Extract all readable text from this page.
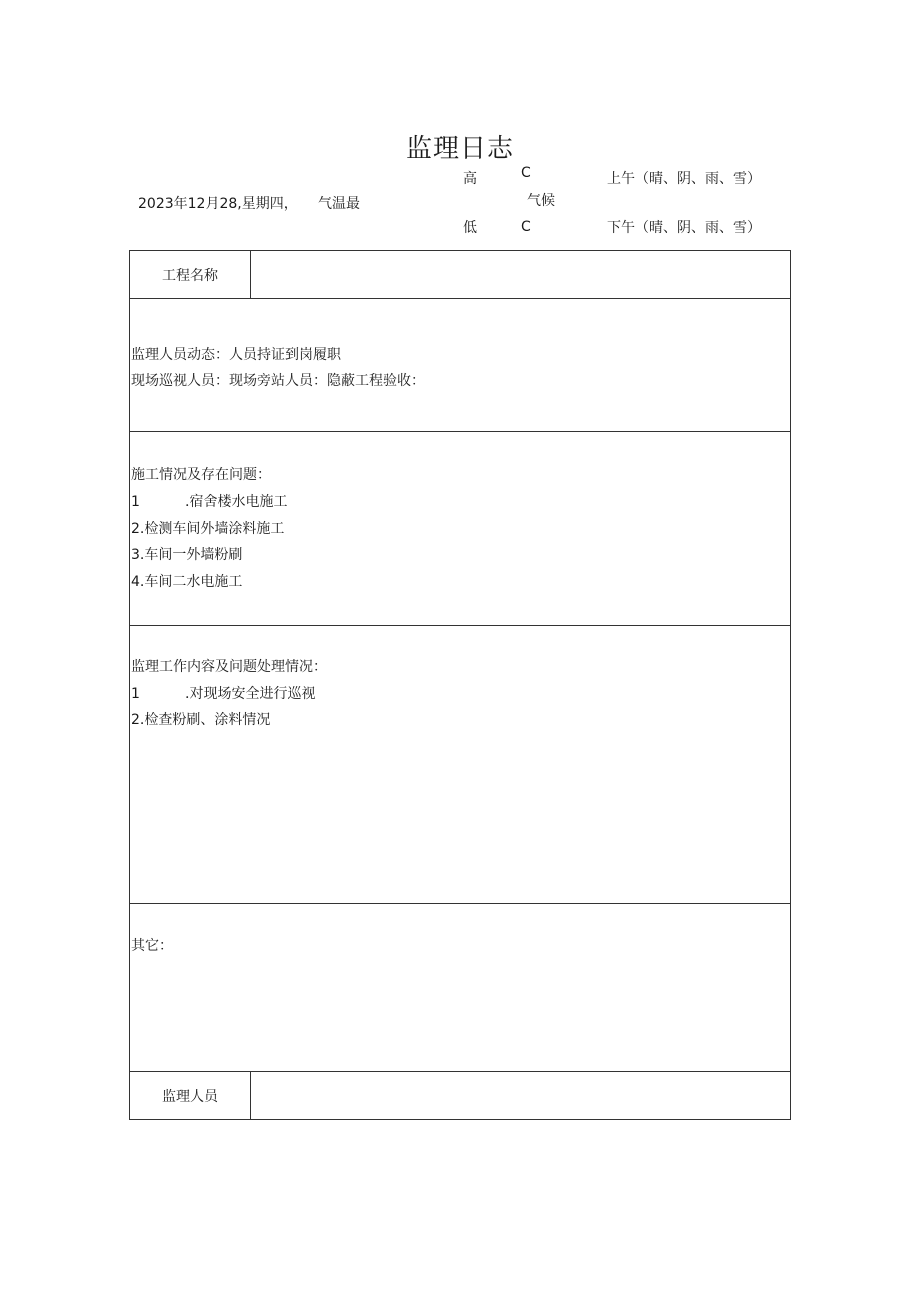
监理日志
高	C	上午（晴、阴、雨、雪）
2023年12月28,星期四， 气温最	气候
低	C	下午（晴、阴、雨、雪）
工程名称	

监理人员动态：人员持证到岗履职
现场巡视人员：现场旁站人员：隐蔽工程验收：	

施工情况及存在问题：
1 .宿舍楼水电施工
2.检测车间外墙涂料施工
3.车间一外墙粉刷
4.车间二水电施工	

监理工作内容及问题处理情况：
1 .对现场安全进行巡视
2.检查粉刷、涂料情况	

其它：	

监理人员	
